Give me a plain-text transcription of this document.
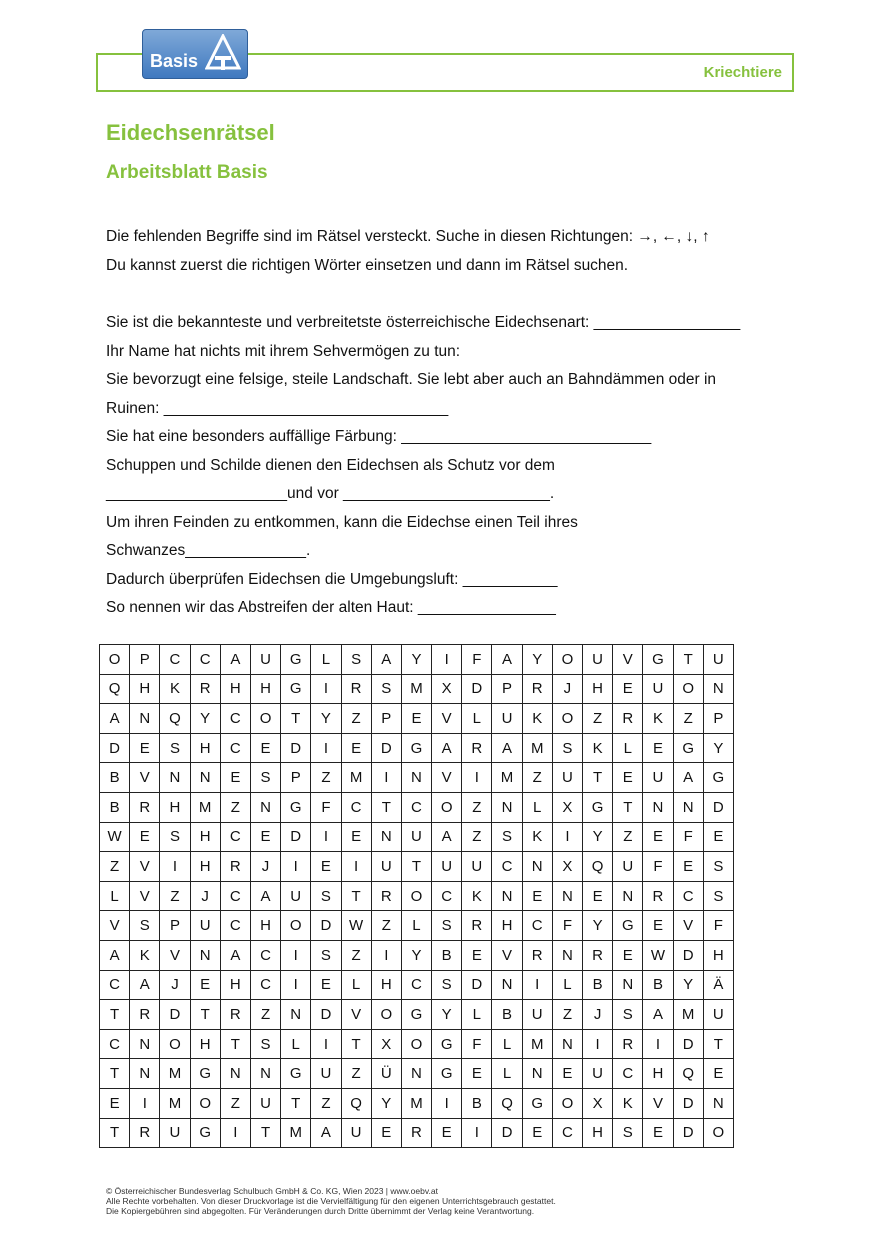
Kriechtiere
Basis
Eidechsenrätsel
Arbeitsblatt Basis
Die fehlenden Begriffe sind im Rätsel versteckt. Suche in diesen Richtungen: →, ←, ↓, ↑
Du kannst zuerst die richtigen Wörter einsetzen und dann im Rätsel suchen.
Sie ist die bekannteste und verbreitetste österreichische Eidechsenart: _________________
Ihr Name hat nichts mit ihrem Sehvermögen zu tun:
Sie bevorzugt eine felsige, steile Landschaft. Sie lebt aber auch an Bahndämmen oder in
Ruinen: _________________________________
Sie hat eine besonders auffällige Färbung: _____________________________
Schuppen und Schilde dienen den Eidechsen als Schutz vor dem
_____________________und vor ________________________.
Um ihren Feinden zu entkommen, kann die Eidechse einen Teil ihres
Schwanzes______________.
Dadurch überprüfen Eidechsen die Umgebungsluft: ___________
So nennen wir das Abstreifen der alten Haut: ________________
O	P	C	C	A	U	G	L	S	A	Y	I	F	A	Y	O	U	V	G	T	U
Q	H	K	R	H	H	G	I	R	S	M	X	D	P	R	J	H	E	U	O	N
A	N	Q	Y	C	O	T	Y	Z	P	E	V	L	U	K	O	Z	R	K	Z	P
D	E	S	H	C	E	D	I	E	D	G	A	R	A	M	S	K	L	E	G	Y
B	V	N	N	E	S	P	Z	M	I	N	V	I	M	Z	U	T	E	U	A	G
B	R	H	M	Z	N	G	F	C	T	C	O	Z	N	L	X	G	T	N	N	D
W	E	S	H	C	E	D	I	E	N	U	A	Z	S	K	I	Y	Z	E	F	E
Z	V	I	H	R	J	I	E	I	U	T	U	U	C	N	X	Q	U	F	E	S
L	V	Z	J	C	A	U	S	T	R	O	C	K	N	E	N	E	N	R	C	S
V	S	P	U	C	H	O	D	W	Z	L	S	R	H	C	F	Y	G	E	V	F
A	K	V	N	A	C	I	S	Z	I	Y	B	E	V	R	N	R	E	W	D	H
C	A	J	E	H	C	I	E	L	H	C	S	D	N	I	L	B	N	B	Y	Ä
T	R	D	T	R	Z	N	D	V	O	G	Y	L	B	U	Z	J	S	A	M	U
C	N	O	H	T	S	L	I	T	X	O	G	F	L	M	N	I	R	I	D	T
T	N	M	G	N	N	G	U	Z	Ü	N	G	E	L	N	E	U	C	H	Q	E
E	I	M	O	Z	U	T	Z	Q	Y	M	I	B	Q	G	O	X	K	V	D	N
T	R	U	G	I	T	M	A	U	E	R	E	I	D	E	C	H	S	E	D	O
© Österreichischer Bundesverlag Schulbuch GmbH & Co. KG, Wien 2023 | www.oebv.at
Alle Rechte vorbehalten. Von dieser Druckvorlage ist die Vervielfältigung für den eigenen Unterrichtsgebrauch gestattet.
Die Kopiergebühren sind abgegolten. Für Veränderungen durch Dritte übernimmt der Verlag keine Verantwortung.
